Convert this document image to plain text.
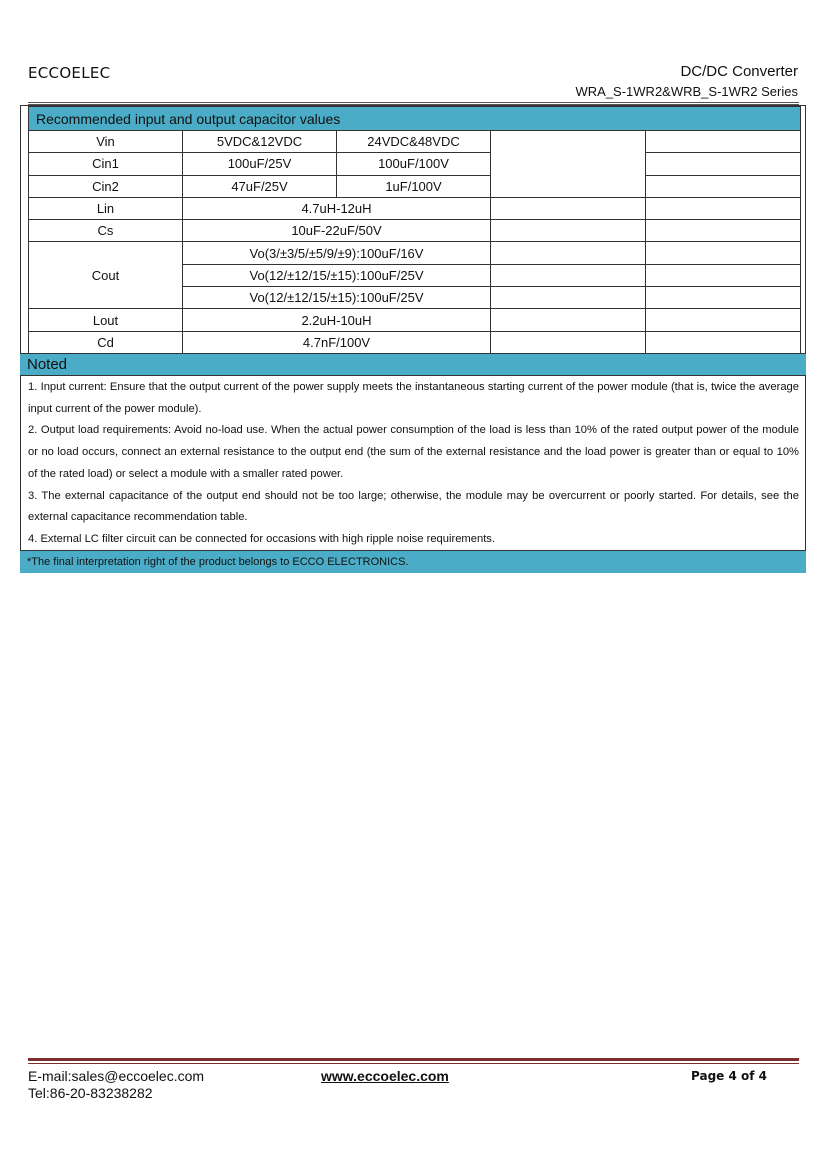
ECCOELEC	DC/DC Converter
WRA_S-1WR2&WRB_S-1WR2 Series
Recommended input and output capacitor values				
Vin	5VDC&12VDC	24VDC&48VDC		
Cin1	100uF/25V	100uF/100V		
Cin2	47uF/25V	1uF/100V		
Lin	4.7uH-12uH			
Cs	10uF-22uF/50V			
Cout	Vo(3/±3/5/±5/9/±9):100uF/16V			
	Vo(12/±12/15/±15):100uF/25V			
	Vo(12/±12/15/±15):100uF/25V			
Lout	2.2uH-10uH			
Cd	4.7nF/100V			
Noted

1. Input current: Ensure that the output current of the power supply meets the instantaneous starting current of the power module (that is, twice the average input current of the power module).

2. Output load requirements: Avoid no-load use. When the actual power consumption of the load is less than 10% of the rated output power of the module or no load occurs, connect an external resistance to the output end (the sum of the external resistance and the load power is greater than or equal to 10% of the rated load) or select a module with a smaller rated power.

3. The external capacitance of the output end should not be too large; otherwise, the module may be overcurrent or poorly started. For details, see the external capacitance recommendation table.

4. External LC filter circuit can be connected for occasions with high ripple noise requirements.

*The final interpretation right of the product belongs to ECCO ELECTRONICS.
E-mail:sales@eccoelec.com
Tel:86-20-83238282
www.eccoelec.com	Page 4 of 4
